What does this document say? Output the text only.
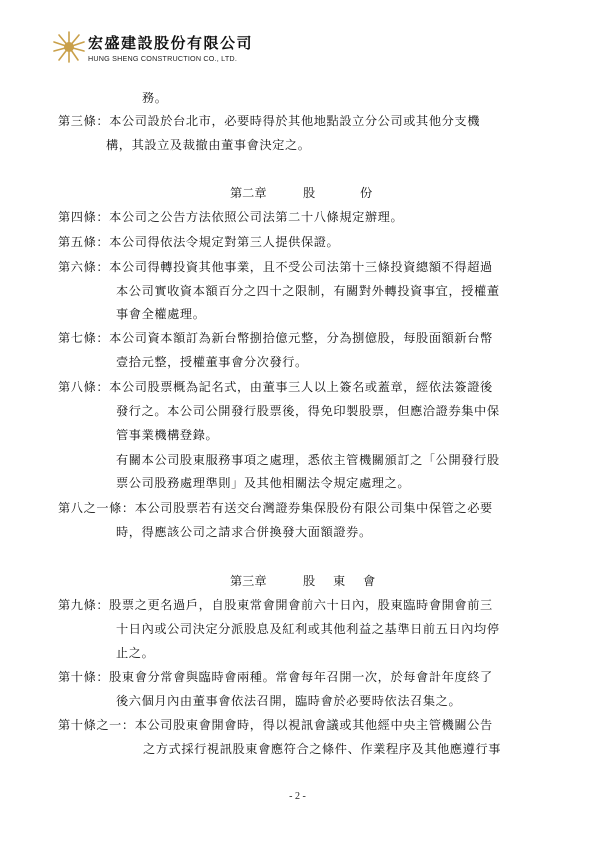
宏盛建設股份有限公司
HUNG SHENG CONSTRUCTION CO., LTD.
務。
第三條：本公司設於台北市，必要時得於其他地點設立分公司或其他分支機
構，其設立及裁撤由董事會決定之。
第二章	股	份
第四條：本公司之公告方法依照公司法第二十八條規定辦理。
第五條：本公司得依法令規定對第三人提供保證。
第六條：本公司得轉投資其他事業，且不受公司法第十三條投資總額不得超過
本公司實收資本額百分之四十之限制，有關對外轉投資事宜，授權董
事會全權處理。
第七條：本公司資本額訂為新台幣捌拾億元整，分為捌億股，每股面額新台幣
壹拾元整，授權董事會分次發行。
第八條：本公司股票概為記名式，由董事三人以上簽名或蓋章，經依法簽證後
發行之。本公司公開發行股票後，得免印製股票，但應洽證券集中保
管事業機構登錄。
有關本公司股東服務事項之處理，悉依主管機關頒訂之「公開發行股
票公司股務處理準則」及其他相關法令規定處理之。
第八之一條：本公司股票若有送交台灣證券集保股份有限公司集中保管之必要
時，得應該公司之請求合併換發大面額證券。
第三章	股 東 會
第九條：股票之更名過戶，自股東常會開會前六十日內，股東臨時會開會前三
十日內或公司決定分派股息及紅利或其他利益之基準日前五日內均停
止之。
第十條：股東會分常會與臨時會兩種。常會每年召開一次，於每會計年度終了
後六個月內由董事會依法召開，臨時會於必要時依法召集之。
第十條之一：本公司股東會開會時，得以視訊會議或其他經中央主管機關公告
之方式採行視訊股東會應符合之條件、作業程序及其他應遵行事
- 2 -
